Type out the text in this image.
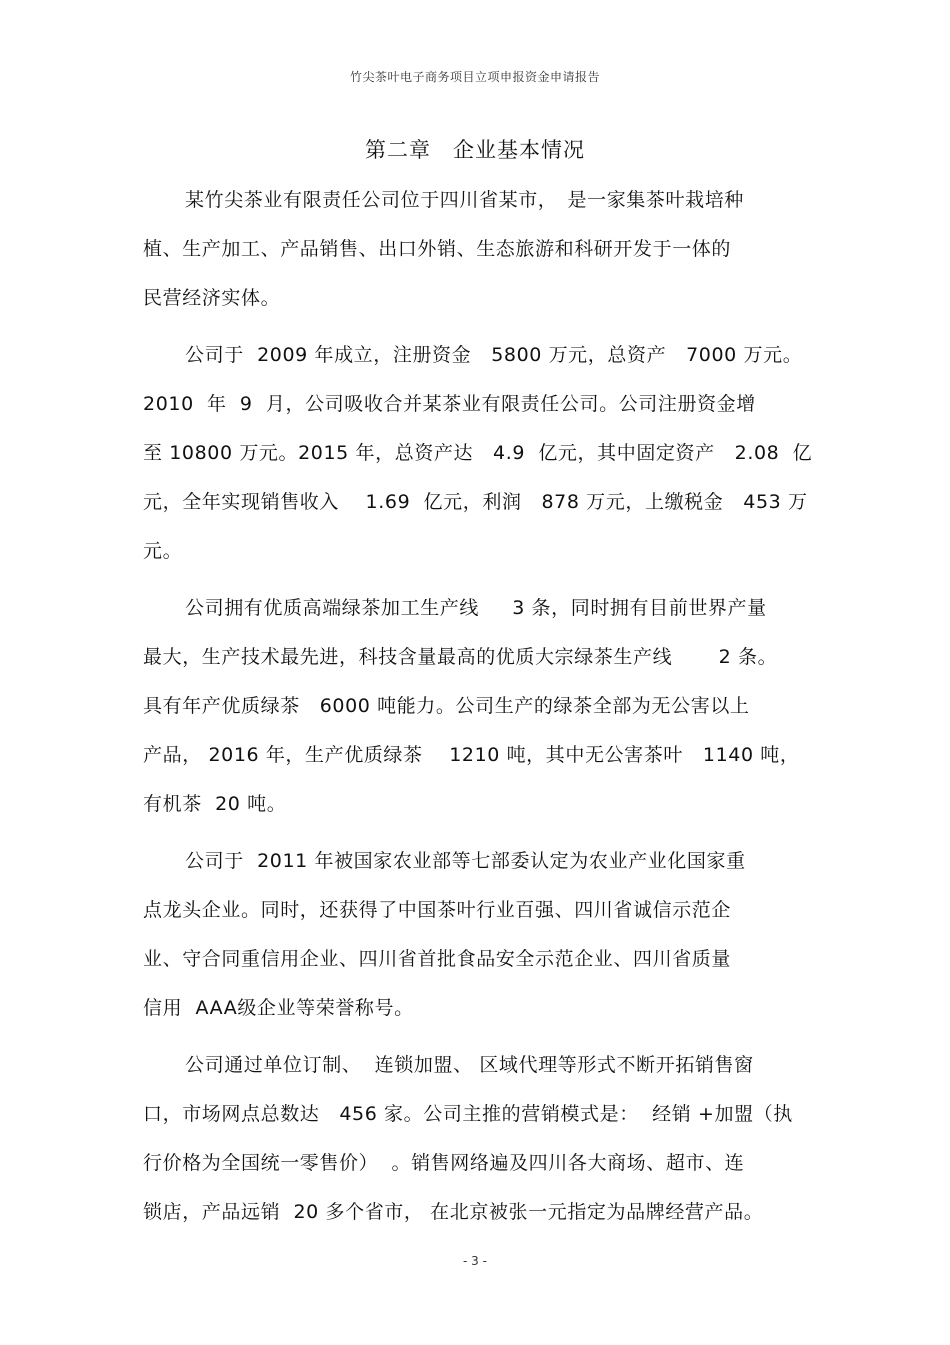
竹尖茶叶电子商务项目立项申报资金申请报告
第二章　企业基本情况
某竹尖茶业有限责任公司位于四川省某市，　是一家集茶叶栽培种
植、生产加工、产品销售、出口外销、生态旅游和科研开发于一体的
民营经济实体。
公司于  2009 年成立，注册资金   5800 万元，总资产   7000 万元。
2010  年  9  月，公司吸收合并某茶业有限责任公司。公司注册资金增
至 10800 万元。2015 年，总资产达   4.9  亿元，其中固定资产   2.08  亿
元，全年实现销售收入    1.69  亿元，利润   878 万元，上缴税金   453 万
元。
公司拥有优质高端绿茶加工生产线     3 条，同时拥有目前世界产量
最大，生产技术最先进，科技含量最高的优质大宗绿茶生产线       2 条。
具有年产优质绿茶   6000 吨能力。公司生产的绿茶全部为无公害以上
产品， 2016 年，生产优质绿茶    1210 吨，其中无公害茶叶   1140 吨，
有机茶  20 吨。
公司于  2011 年被国家农业部等七部委认定为农业产业化国家重
点龙头企业。同时，还获得了中国茶叶行业百强、四川省诚信示范企
业、守合同重信用企业、四川省首批食品安全示范企业、四川省质量
信用  AAA级企业等荣誉称号。
公司通过单位订制、  连锁加盟、 区域代理等形式不断开拓销售窗
口，市场网点总数达   456 家。公司主推的营销模式是：  经销 +加盟（执
行价格为全国统一零售价）  。销售网络遍及四川各大商场、超市、连
锁店，产品远销  20 多个省市， 在北京被张一元指定为品牌经营产品。
- 3 -
